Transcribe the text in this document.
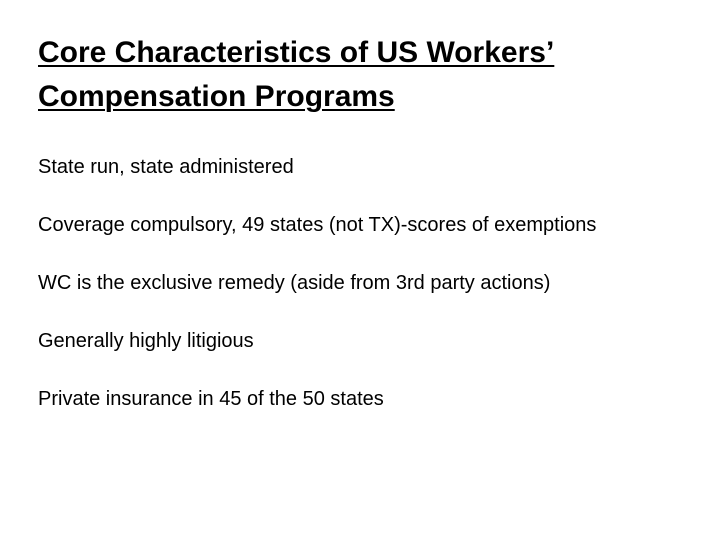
Core Characteristics of US Workers’ Compensation Programs
State run, state administered
Coverage compulsory, 49 states (not TX)-scores of exemptions
WC is the exclusive remedy (aside from 3rd party actions)
Generally highly litigious
Private insurance in 45 of the 50 states
